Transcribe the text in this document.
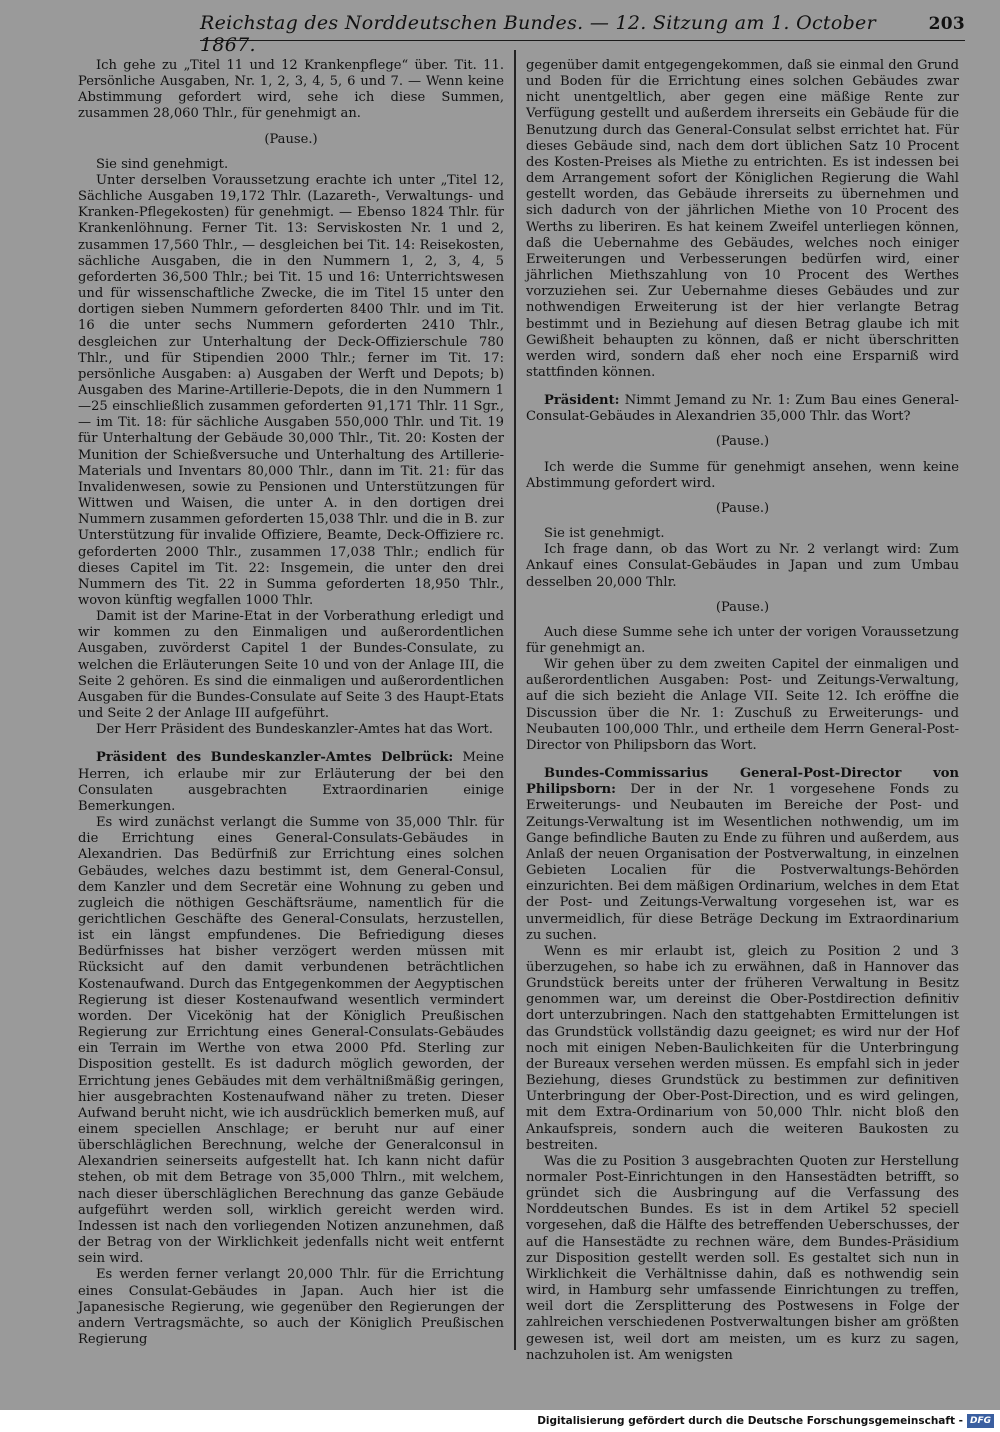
Reichstag des Norddeutschen Bundes. — 12. Sitzung am 1. October 1867.
203

Ich gehe zu „Titel 11 und 12 Krankenpflege“ über. Tit. 11. Persönliche Ausgaben, Nr. 1, 2, 3, 4, 5, 6 und 7. — Wenn keine Abstimmung gefordert wird, sehe ich diese Summen, zusammen 28,060 Thlr., für genehmigt an.

(Pause.)

Sie sind genehmigt.

Unter derselben Voraussetzung erachte ich unter „Titel 12, Sächliche Ausgaben 19,172 Thlr. (Lazareth-, Verwaltungs- und Kranken-Pflegekosten) für genehmigt. — Ebenso 1824 Thlr. für Krankenlöhnung. Ferner Tit. 13: Serviskosten Nr. 1 und 2, zusammen 17,560 Thlr., — desgleichen bei Tit. 14: Reisekosten, sächliche Ausgaben, die in den Nummern 1, 2, 3, 4, 5 geforderten 36,500 Thlr.; bei Tit. 15 und 16: Unterrichtswesen und für wissenschaftliche Zwecke, die im Titel 15 unter den dortigen sieben Nummern geforderten 8400 Thlr. und im Tit. 16 die unter sechs Nummern geforderten 2410 Thlr., desgleichen zur Unterhaltung der Deck-Offizierschule 780 Thlr., und für Stipendien 2000 Thlr.; ferner im Tit. 17: persönliche Ausgaben: a) Ausgaben der Werft und Depots; b) Ausgaben des Marine-Artillerie-Depots, die in den Nummern 1—25 einschließlich zusammen geforderten 91,171 Thlr. 11 Sgr., — im Tit. 18: für sächliche Ausgaben 550,000 Thlr. und Tit. 19 für Unterhaltung der Gebäude 30,000 Thlr., Tit. 20: Kosten der Munition der Schießversuche und Unterhaltung des Artillerie-Materials und Inventars 80,000 Thlr., dann im Tit. 21: für das Invalidenwesen, sowie zu Pensionen und Unterstützungen für Wittwen und Waisen, die unter A. in den dortigen drei Nummern zusammen geforderten 15,038 Thlr. und die in B. zur Unterstützung für invalide Offiziere, Beamte, Deck-Offiziere rc. geforderten 2000 Thlr., zusammen 17,038 Thlr.; endlich für dieses Capitel im Tit. 22: Insgemein, die unter den drei Nummern des Tit. 22 in Summa geforderten 18,950 Thlr., wovon künftig wegfallen 1000 Thlr.

Damit ist der Marine-Etat in der Vorberathung erledigt und wir kommen zu den Einmaligen und außerordentlichen Ausgaben, zuvörderst Capitel 1 der Bundes-Consulate, zu welchen die Erläuterungen Seite 10 und von der Anlage III, die Seite 2 gehören. Es sind die einmaligen und außerordentlichen Ausgaben für die Bundes-Consulate auf Seite 3 des Haupt-Etats und Seite 2 der Anlage III aufgeführt.

Der Herr Präsident des Bundeskanzler-Amtes hat das Wort.

Präsident des Bundeskanzler-Amtes Delbrück: Meine Herren, ich erlaube mir zur Erläuterung der bei den Consulaten ausgebrachten Extraordinarien einige Bemerkungen.

Es wird zunächst verlangt die Summe von 35,000 Thlr. für die Errichtung eines General-Consulats-Gebäudes in Alexandrien. Das Bedürfniß zur Errichtung eines solchen Gebäudes, welches dazu bestimmt ist, dem General-Consul, dem Kanzler und dem Secretär eine Wohnung zu geben und zugleich die nöthigen Geschäftsräume, namentlich für die gerichtlichen Geschäfte des General-Consulats, herzustellen, ist ein längst empfundenes. Die Befriedigung dieses Bedürfnisses hat bisher verzögert werden müssen mit Rücksicht auf den damit verbundenen beträchtlichen Kostenaufwand. Durch das Entgegenkommen der Aegyptischen Regierung ist dieser Kostenaufwand wesentlich vermindert worden. Der Vicekönig hat der Königlich Preußischen Regierung zur Errichtung eines General-Consulats-Gebäudes ein Terrain im Werthe von etwa 2000 Pfd. Sterling zur Disposition gestellt. Es ist dadurch möglich geworden, der Errichtung jenes Gebäudes mit dem verhältnißmäßig geringen, hier ausgebrachten Kostenaufwand näher zu treten. Dieser Aufwand beruht nicht, wie ich ausdrücklich bemerken muß, auf einem speciellen Anschlage; er beruht nur auf einer überschläglichen Berechnung, welche der Generalconsul in Alexandrien seinerseits aufgestellt hat. Ich kann nicht dafür stehen, ob mit dem Betrage von 35,000 Thlrn., mit welchem, nach dieser überschläglichen Berechnung das ganze Gebäude aufgeführt werden soll, wirklich gereicht werden wird. Indessen ist nach den vorliegenden Notizen anzunehmen, daß der Betrag von der Wirklichkeit jedenfalls nicht weit entfernt sein wird.

Es werden ferner verlangt 20,000 Thlr. für die Errichtung eines Consulat-Gebäudes in Japan. Auch hier ist die Japanesische Regierung, wie gegenüber den Regierungen der andern Vertragsmächte, so auch der Königlich Preußischen Regierung

gegenüber damit entgegengekommen, daß sie einmal den Grund und Boden für die Errichtung eines solchen Gebäudes zwar nicht unentgeltlich, aber gegen eine mäßige Rente zur Verfügung gestellt und außerdem ihrerseits ein Gebäude für die Benutzung durch das General-Consulat selbst errichtet hat. Für dieses Gebäude sind, nach dem dort üblichen Satz 10 Procent des Kosten-Preises als Miethe zu entrichten. Es ist indessen bei dem Arrangement sofort der Königlichen Regierung die Wahl gestellt worden, das Gebäude ihrerseits zu übernehmen und sich dadurch von der jährlichen Miethe von 10 Procent des Werths zu liberiren. Es hat keinem Zweifel unterliegen können, daß die Uebernahme des Gebäudes, welches noch einiger Erweiterungen und Verbesserungen bedürfen wird, einer jährlichen Miethszahlung von 10 Procent des Werthes vorzuziehen sei. Zur Uebernahme dieses Gebäudes und zur nothwendigen Erweiterung ist der hier verlangte Betrag bestimmt und in Beziehung auf diesen Betrag glaube ich mit Gewißheit behaupten zu können, daß er nicht überschritten werden wird, sondern daß eher noch eine Ersparniß wird stattfinden können.

Präsident: Nimmt Jemand zu Nr. 1: Zum Bau eines General-Consulat-Gebäudes in Alexandrien 35,000 Thlr. das Wort?

(Pause.)

Ich werde die Summe für genehmigt ansehen, wenn keine Abstimmung gefordert wird.

(Pause.)

Sie ist genehmigt.

Ich frage dann, ob das Wort zu Nr. 2 verlangt wird: Zum Ankauf eines Consulat-Gebäudes in Japan und zum Umbau desselben 20,000 Thlr.

(Pause.)

Auch diese Summe sehe ich unter der vorigen Voraussetzung für genehmigt an.

Wir gehen über zu dem zweiten Capitel der einmaligen und außerordentlichen Ausgaben: Post- und Zeitungs-Verwaltung, auf die sich bezieht die Anlage VII. Seite 12. Ich eröffne die Discussion über die Nr. 1: Zuschuß zu Erweiterungs- und Neubauten 100,000 Thlr., und ertheile dem Herrn General-Post-Director von Philipsborn das Wort.

Bundes-Commissarius General-Post-Director von Philipsborn: Der in der Nr. 1 vorgesehene Fonds zu Erweiterungs- und Neubauten im Bereiche der Post- und Zeitungs-Verwaltung ist im Wesentlichen nothwendig, um im Gange befindliche Bauten zu Ende zu führen und außerdem, aus Anlaß der neuen Organisation der Postverwaltung, in einzelnen Gebieten Localien für die Postverwaltungs-Behörden einzurichten. Bei dem mäßigen Ordinarium, welches in dem Etat der Post- und Zeitungs-Verwaltung vorgesehen ist, war es unvermeidlich, für diese Beträge Deckung im Extraordinarium zu suchen.

Wenn es mir erlaubt ist, gleich zu Position 2 und 3 überzugehen, so habe ich zu erwähnen, daß in Hannover das Grundstück bereits unter der früheren Verwaltung in Besitz genommen war, um dereinst die Ober-Postdirection definitiv dort unterzubringen. Nach den stattgehabten Ermittelungen ist das Grundstück vollständig dazu geeignet; es wird nur der Hof noch mit einigen Neben-Baulichkeiten für die Unterbringung der Bureaux versehen werden müssen. Es empfahl sich in jeder Beziehung, dieses Grundstück zu bestimmen zur definitiven Unterbringung der Ober-Post-Direction, und es wird gelingen, mit dem Extra-Ordinarium von 50,000 Thlr. nicht bloß den Ankaufspreis, sondern auch die weiteren Baukosten zu bestreiten.

Was die zu Position 3 ausgebrachten Quoten zur Herstellung normaler Post-Einrichtungen in den Hansestädten betrifft, so gründet sich die Ausbringung auf die Verfassung des Norddeutschen Bundes. Es ist in dem Artikel 52 speciell vorgesehen, daß die Hälfte des betreffenden Ueberschusses, der auf die Hansestädte zu rechnen wäre, dem Bundes-Präsidium zur Disposition gestellt werden soll. Es gestaltet sich nun in Wirklichkeit die Verhältnisse dahin, daß es nothwendig sein wird, in Hamburg sehr umfassende Einrichtungen zu treffen, weil dort die Zersplitterung des Postwesens in Folge der zahlreichen verschiedenen Postverwaltungen bisher am größten gewesen ist, weil dort am meisten, um es kurz zu sagen, nachzuholen ist. Am wenigsten

Digitalisierung gefördert durch die Deutsche Forschungsgemeinschaft - DFG
